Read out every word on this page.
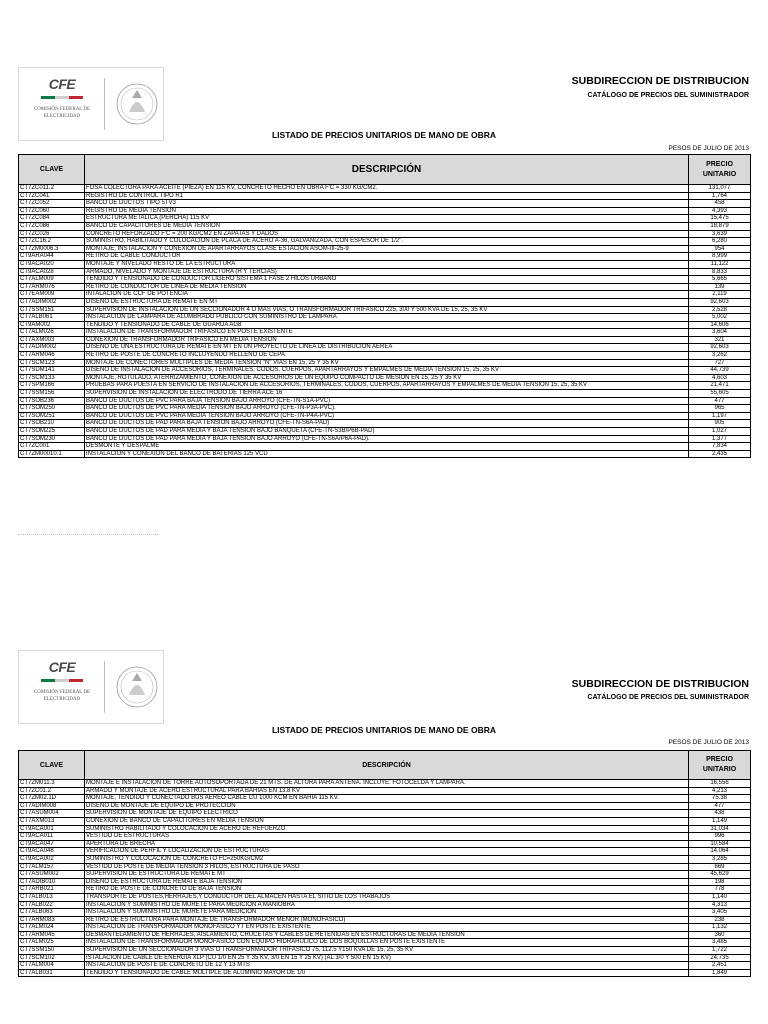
CFE
COMISIÓN FEDERAL DE ELECTRICIDAD
SUBDIRECCION DE DISTRIBUCION
CATÁLOGO DE PRECIOS DEL SUMINISTRADOR
LISTADO DE PRECIOS UNITARIOS DE MANO DE OBRA
PESOS DE JULIO DE 2013
CLAVE	DESCRIPCIÓN	PRECIO
UNITARIO
CT7ZC011.2	FOSA COLECTORA PARA ACEITE (PIEZA) EN 115 KV, CONCRETO HECHO EN OBRA F'C = 330 KG/CM2.	131,077
CT7ZC041	REGISTRO DE CONTROL TIPO R1	1,764
CT7ZC052	BANCO DE DUCTOS TIPO 5TV3	458
CT7ZC060	REGISTRO DE MEDIA TENSION	4,393
CT7ZC084	ESTRUCTURA METALICA (PERCHA) 115 KV	15,475
CT7ZC086	BANCO DE CAPACITORES DE MEDIA TENSION	18,879
CT7ZC026	CONCRETO REFORZADO F'C = 200 KG/CM2 EN ZAPATAS Y DADOS	3,639
CT7ZC16.2	SUMINISTRO, HABILITADO Y COLOCACION DE PLACA DE ACERO A-36, GALVANIZADA, CON ESPESOR DE 1/2".	6,280
CT7ZM0006.3	MONTAJE, INSTALACIÓN Y CONEXIÓN DE APARTARRAYOS CLASE ESTACIÓN ASOM-III-25-9	954
CT9ARA044	RETIRO DE CABLE CONDUCTOR	8,999
CT9ACA020	MONTAJE Y NIVELADO RESTO DE LA ESTRUCTURA	11,122
CT9ACA028	ARMADO, NIVELADO Y MONTAJE DE ESTRUCTURA (H Y TERCIAS)	8,833
CT7ALM009	TENDIDO Y TENSIONADO DE CONDUCTOR LIGERO SISTEMA 1 FASE 2 HILOS URBANO	5,665
CT7ARM076	RETIRO DE CONDUCTOR DE LINEA DE MEDIA TENSION	139
CT7EAM009	INTALACION DE CCF DE POTENCIA	2,119
CT7ADIM002	DISENO DE ESTRUCTURA DE REMATE EN MT	92,603
CT7SSM151	SUPERVISION DE INSTALACION DE UN SECCIONADOR 4 O MAS VIAS, O TRANSFORMADOR TRIFASICO 225, 300 Y 500 KVA DE 15, 25, 35 KV	2,528
CT7ALB061	INSTALACIÓN DE LÁMPARA DE ALUMBRADO PÚBLICO CON SUMINISTRO DE LÁMPARA	5,002
CT9AM002	TENDIDO Y TENSIONADO DE CABLE DE GUARDA AG8	14,606
CT7ALM026	INSTALACION DE TRANSFORMADOR TRIFASICO EN POSTE EXISTENTE	3,604
CT7AXM003	CONEXION DE TRANSFORMADOR TRIFASICO EN MEDIA TENSION	321
CT7ADIM002	DISENO DE UNA ESTRUCTURA DE REMATE EN MT EN UN PROYECTO DE LINEA DE DISTRIBUCION AEREA	92,603
CT7ARM046	RETIRO DE POSTE DE CONCRETO INCLUYENDO RELLENO DE CEPA	3,262
CT7SCM123	MONTAJE DE CONECTORES MULTIPLES DE MEDIA TENSION "N" VIAS EN 15, 25 Y 35 KV	727
CT7SDM141	DISEÑO DE INSTALACIÓN DE ACCESORIOS, TERMINALES, CODOS, CUERPOS, APARTARRAYOS Y EMPALMES DE MEDIA TENSIÓN 15, 25, 35 KV	44,739
CT7SCM133	MONTAJE, ROTULADO, ATERRIZAMIENTO, CONEXION DE ACCESORIOS DE UN EQUIPO COMPACTO DE MESION EN 15, 25 Y 35 KV	4,603
CT7SPM166	PRUEBAS PARA PUESTA EN SERVICIO DE INSTALACION DE ACCESORIOS, TERMINALES, CODOS, CUERPOS, APARTARRAYOS Y EMPALMES DE MEDIA TENSION 15, 25, 35 KV	21,471
CT7SSM156	SUPERVISIÓN DE INSTALACIÓN DE ELECTRODO DE TIERRA ACE 16	55,605
CT7SOB236	BANCO DE DUCTOS DE PVC PARA BAJA TENSION BAJO ARROYO (CFE-TN-S1A-PVC)	477
CT7SOM250	BANCO DE DUCTOS DE PVC PARA MEDIA TENSION BAJO ARROYO (CFE-TN-P3A-PVC).	965
CT7SOM251	BANCO DE DUCTOS DE PVC PARA MEDIA TENSION BAJO ARROYO (CFE-TN-P4A-PVC)	1,197
CT7SOB210	BANCO DE DUCTOS DE PAD PARA BAJA TENSION BAJO ARROYO (CFE-TN-S6A-PAD)	905
CT7SOM225	BANCO DE DUCTOS DE PAD PARA MEDIA Y BAJA TENSION BAJO BANQUETA (CFE-TN-S3B/P6B-PAD)	1,027
CT7SOM230	BANCO DE DUCTOS DE PAD PARA MEDIA Y BAJA TENSION BAJO ARROYO (CFE-TN-S6A/P6A-PAD).	1,377
CT7ZC001	DESMONTE Y DESPALME	7,834
CT7ZM00010.1	INSTALACION Y CONEXION DEL BANCO DE BATERIAS 125 VCD	2,435
CFE
COMISIÓN FEDERAL DE ELECTRICIDAD
SUBDIRECCION DE DISTRIBUCION
CATÁLOGO DE PRECIOS DEL SUMINISTRADOR
LISTADO DE PRECIOS UNITARIOS DE MANO DE OBRA
PESOS DE JULIO DE 2013
CLAVE	DESCRIPCIÓN	PRECIO
UNITARIO
CT7ZM011.3	MONTAJE E INSTALACION DE TORRE AUTOSOPORTADA DE 21 MTS. DE ALTURA PARA ANTENA. INCLUYE: FOTOCELDA Y LAMPARA.	16,556
CT7ZC01.2	ARMADO Y MONTAJE DE ACERO ESTRUCTURAL PARA BAHIAS EN 13.8 KV	4,213
CT7ZM02.1D	MONTAJE, TENDIDO Y CONECTADO BUS AEREO CABLE CU 1000 KCM EN BAHIA 115 KV.	75.38
CT7ADIM008	DISEÑO DE MONTAJE DE EQUIPO DE PROTECCION	477
CT7ASUM004	SUPERVISION DE MONTAJE DE EQUIPO ELECTRICO	438
CT7AXM013	CONEXION DE BANCO DE CAPACITORES EN MEDIA TENSION	1,149
CT9ACA001	SUMINISTRO HABILITADO Y COLOCACION DE ACERO DE REFUERZO	31,034
CT9ACA011	VESTIDO DE ESTRUCTURAS	996
CT9ACA047	APERTURA DE BRECHA	10,584
CT9ACA048	VERIFICACION DE PERFIL Y LOCALIZACION DE ESTRUCTURAS	14,064
CT9ACA002	SUMINISTRO Y COLOCACION DE CONCRETO FC=250KG/CM2	3,285
CT7ALM157	VESTIDO DE POSTE DE MEDIA TENSION 3 HILOS, ESTRUCTURA DE PASO	669
CT7ASUM002	SUPERVISION DE ESTRUCTURA DE REMATE MT	45,629
CT7ADIB010	DISEÑO DE ESTRUCTURA DE REMATE BAJA TENSION	198
CT7ARB021	RETIRO DE POSTE DE CONCRETO DE BAJA TENSION	778
CT7ALB013	TRANSPORTE DE POSTES,HERRAJES,Y CONDUCTOR DEL ALMACEN HASTA EL SITIO DE LOS TRABAJOS	1,140
CT7ALB022	INSTALACION Y SUMINISTRO DE MURETE PARA MEDICION A MANIOBRA	4,313
CT7ALB063	INSTALACION Y SUMINISTRO DE MURETE PARA MEDICIÓN	3,405
CT7ARM083	RETIRO DE ESTRUCTURA PARA MONTAJE DE TRANSFORMADOR MENOR (MONOFASICO)	238
CT7ALM024	INSTALACION DE TRANSFORMADOR MONOFASICO YT EN POSTE EXISTENTE	1,132
CT7ARM045	DESMANTELAMIENTO DE HERRAJES, AISLAMIENTO, CRUCETAS Y CABLES DE RETENIDAS EN ESTRUCTURAS DE MEDIA TENSION	360
CT7ALM025	INSTALACIÓN DE TRANSFORMADOR MONOFASICO CON EQUIPO HIDRAHULICO DE DOS BOQUILLAS EN POSTE EXISTENTE	3,485
CT7SSM150	SUPERVISION DE UN SECCIONADOR 3 VIAS O TRANSFORMADOR TRIFASICO 75, 112.5 Y150 KVA DE 15, 25, 35 KV	1,722
CT7SCM102	ISTALACION DE CABLE DE ENERGÍA XLP (CU 1/0 EN 25 Y 35 KV, 3/0 EN 15 Y 25 KV) (AL 3/0 Y 500 EN 15 KV)	24,735
CT7ALM004	INSTALACION DE POSTE DE CONCRETO DE 12 Y 13 MTS	2,451
CT7ALB031	TENDIDO Y TENSIONADO DE CABLE MULTIPLE DE ALUMINIO MAYOR DE 1/0	1,849
